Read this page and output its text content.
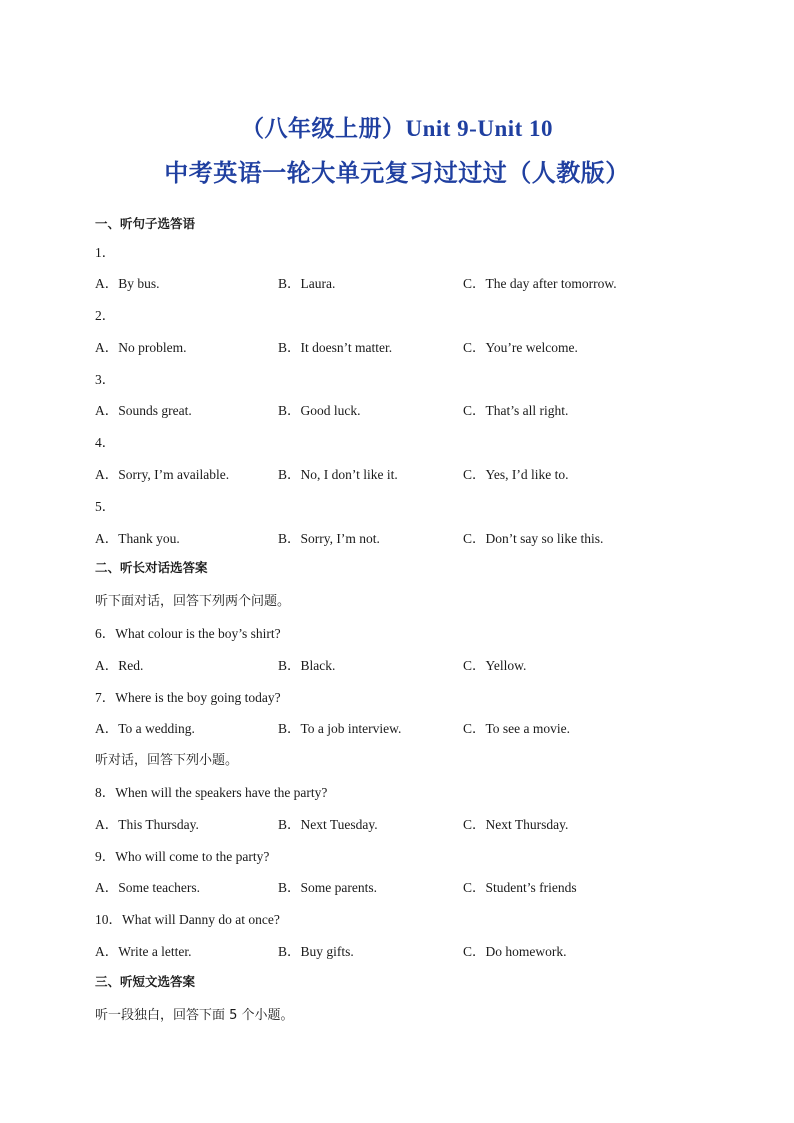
（八年级上册）Unit 9-Unit 10
中考英语一轮大单元复习过过过（人教版）
一、听句子选答语
1．
A．By bus.	B．Laura.	C．The day after tomorrow.
2．
A．No problem.	B．It doesn’t matter.	C．You’re welcome.
3．
A．Sounds great.	B．Good luck.	C．That’s all right.
4．
A．Sorry, I’m available.	B．No, I don’t like it.	C．Yes, I’d like to.
5．
A．Thank you.	B．Sorry, I’m not.	C．Don’t say so like this.
二、听长对话选答案
听下面对话，回答下列两个问题。
6．What colour is the boy’s shirt?
A．Red.	B．Black.	C．Yellow.
7．Where is the boy going today?
A．To a wedding.	B．To a job interview.	C．To see a movie.
听对话，回答下列小题。
8．When will the speakers have the party?
A．This Thursday.	B．Next Tuesday.	C．Next Thursday.
9．Who will come to the party?
A．Some teachers.	B．Some parents.	C．Student’s friends
10．What will Danny do at once?
A．Write a letter.	B．Buy gifts.	C．Do homework.
三、听短文选答案
听一段独白，回答下面 5 个小题。
